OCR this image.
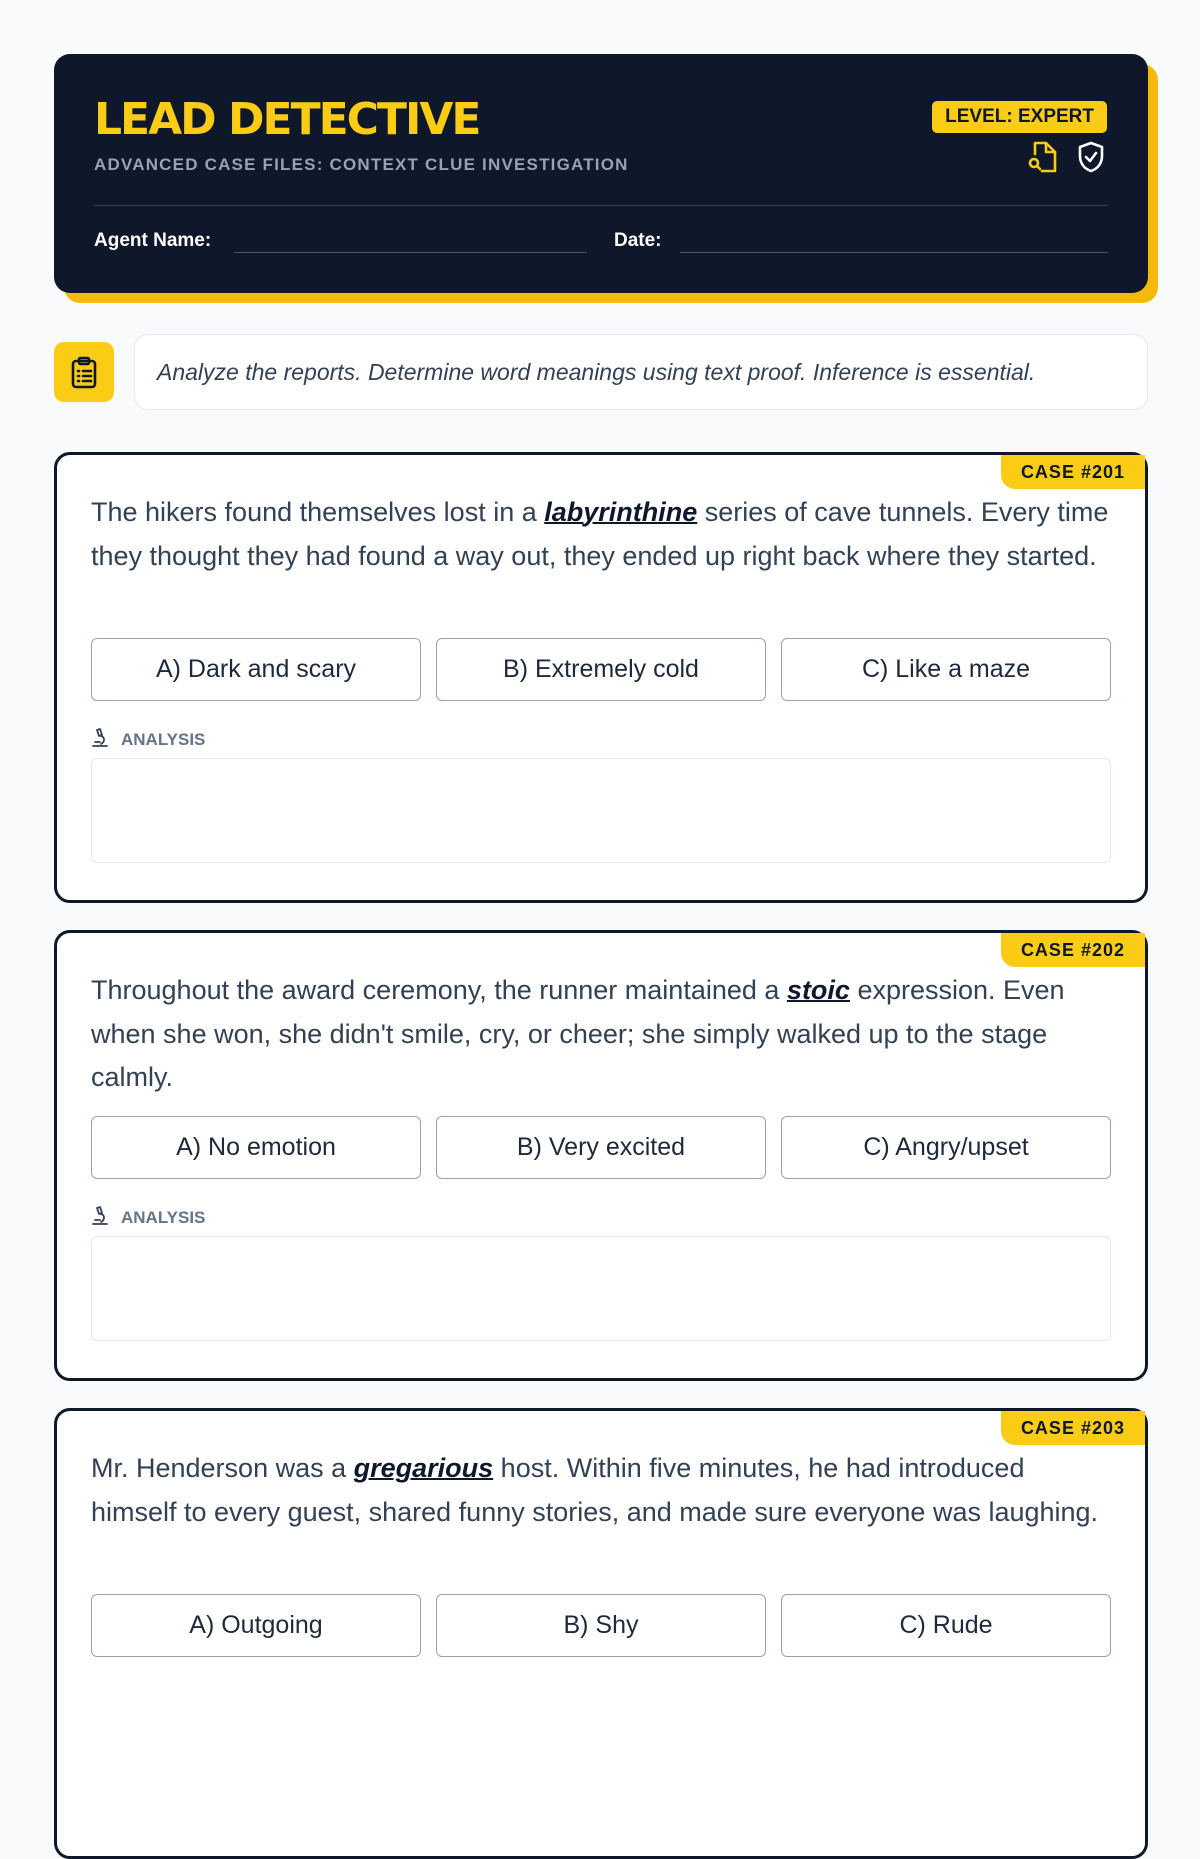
LEAD DETECTIVE
ADVANCED CASE FILES: CONTEXT CLUE INVESTIGATION
LEVEL: EXPERT
Agent Name:	Date:
Analyze the reports. Determine word meanings using text proof. Inference is essential.
CASE #201

The hikers found themselves lost in a labyrinthine series of cave tunnels. Every time they thought they had found a way out, they ended up right back where they started.

A) Dark and scary	B) Extremely cold	C) Like a maze
ANALYSIS
CASE #202

Throughout the award ceremony, the runner maintained a stoic expression. Even when she won, she didn't smile, cry, or cheer; she simply walked up to the stage calmly.

A) No emotion	B) Very excited	C) Angry/upset
ANALYSIS
CASE #203

Mr. Henderson was a gregarious host. Within five minutes, he had introduced himself to every guest, shared funny stories, and made sure everyone was laughing.

A) Outgoing	B) Shy	C) Rude
